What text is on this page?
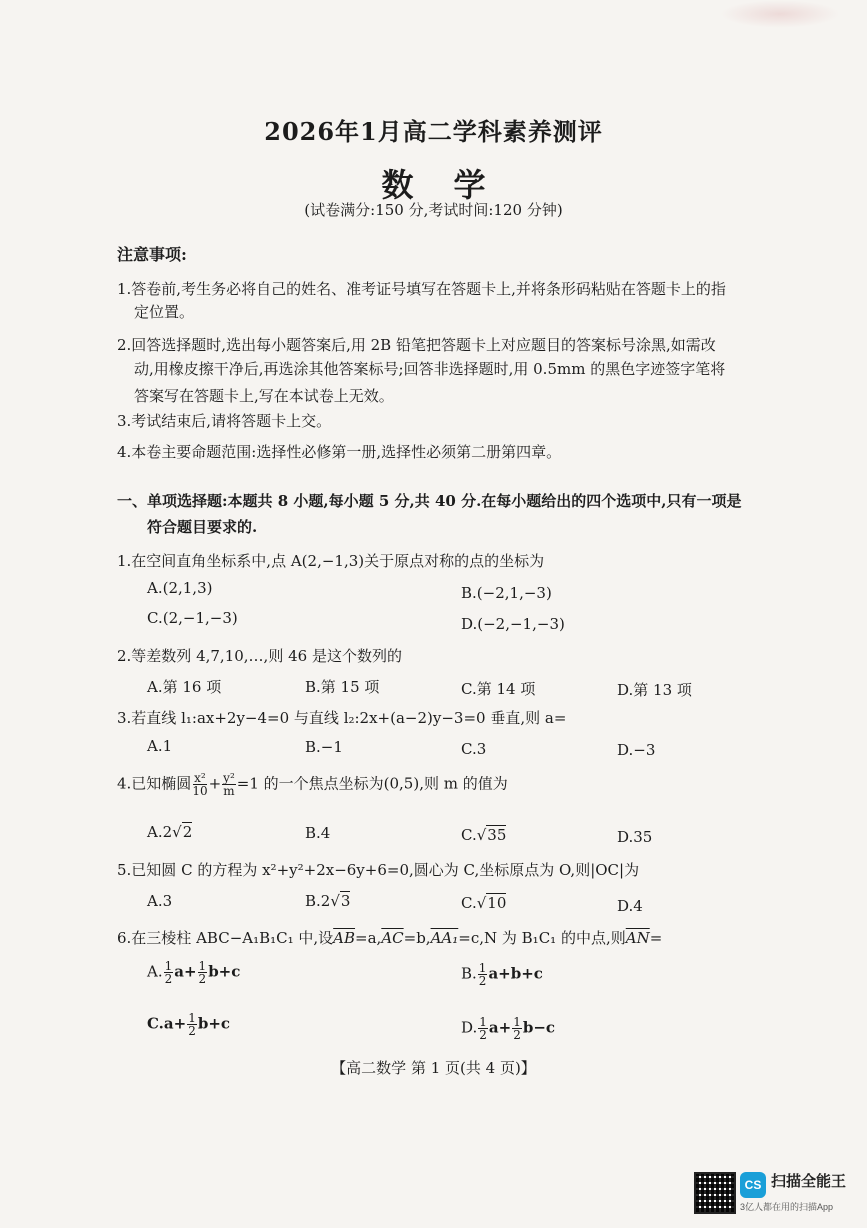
2026年1月高二学科素养测评
数学
(试卷满分:150 分,考试时间:120 分钟)
注意事项:
1.答卷前,考生务必将自己的姓名、准考证号填写在答题卡上,并将条形码粘贴在答题卡上的指
定位置。
2.回答选择题时,选出每小题答案后,用 2B 铅笔把答题卡上对应题目的答案标号涂黑,如需改
动,用橡皮擦干净后,再选涂其他答案标号;回答非选择题时,用 0.5mm 的黑色字迹签字笔将
答案写在答题卡上,写在本试卷上无效。
3.考试结束后,请将答题卡上交。
4.本卷主要命题范围:选择性必修第一册,选择性必须第二册第四章。
一、单项选择题:本题共 8 小题,每小题 5 分,共 40 分.在每小题给出的四个选项中,只有一项是
符合题目要求的.
1.在空间直角坐标系中,点 A(2,−1,3)关于原点对称的点的坐标为
A.(2,1,3)	B.(−2,1,−3)
C.(2,−1,−3)	D.(−2,−1,−3)
2.等差数列 4,7,10,…,则 46 是这个数列的
A.第 16 项	B.第 15 项	C.第 14 项	D.第 13 项
3.若直线 l₁:ax+2y−4=0 与直线 l₂:2x+(a−2)y−3=0 垂直,则 a=
A.1	B.−1	C.3	D.−3
4.已知椭圆 $\frac{\text{x²}}{10} + \frac{\text{y²}}{m} =1$ 的一个焦点坐标为(0,5),则 m 的值为
A.2√2	B.4	C.√35	D.35
5.已知圆 C 的方程为 x²+y²+2x−6y+6=0,圆心为 C,坐标原点为 O,则|OC|为
A.3	B.2√3	C.√10	D.4
6.在三棱柱 ABC−A₁B₁C₁ 中,设$\overline{AB}=a,\overline{AC}=b,AA_1=c,N$ 为 B₁C₁ 的中点,则$\overline{AN}=$
A. $\frac{1}{2} a+ \frac{1}{2} b+c$	B. $\frac{1}{2} a+b+c$
$C.a+ \frac{1}{2} b+c$	D. $\frac{1}{2} a+ \frac{1}{2} b-c$
【高二数学 第 1 页(共 4 页)】
CS 扫描全能王
3亿人都在用的扫描App
